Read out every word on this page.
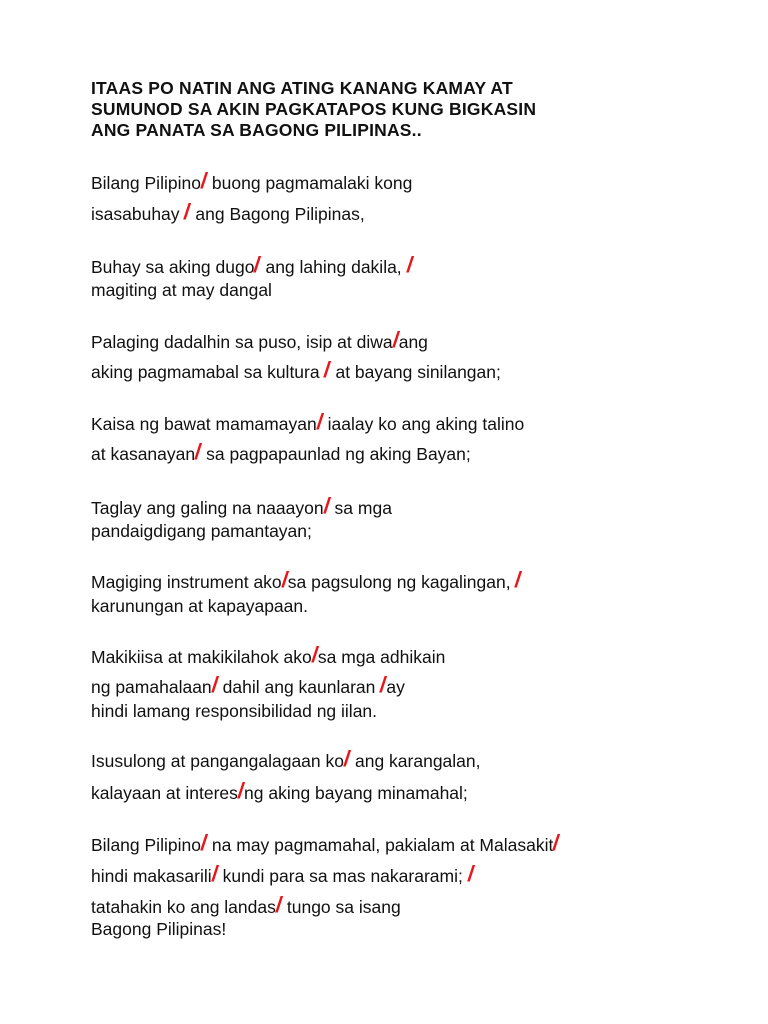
ITAAS PO NATIN ANG ATING KANANG KAMAY AT
SUMUNOD SA AKIN PAGKATAPOS KUNG BIGKASIN
ANG PANATA SA BAGONG PILIPINAS..

Bilang Pilipino/ buong pagmamalaki kong

isasabuhay / ang Bagong Pilipinas,

Buhay sa aking dugo/ ang lahing dakila, /

magiting at may dangal

Palaging dadalhin sa puso, isip at diwa/ang

aking pagmamabal sa kultura / at bayang sinilangan;

Kaisa ng bawat mamamayan/ iaalay ko ang aking talino

at kasanayan/ sa pagpapaunlad ng aking Bayan;

Taglay ang galing na naaayon/ sa mga

pandaigdigang pamantayan;

Magiging instrument ako/sa pagsulong ng kagalingan, /

karunungan at kapayapaan.

Makikiisa at makikilahok ako/sa mga adhikain

ng pamahalaan/ dahil ang kaunlaran /ay

hindi lamang responsibilidad ng iilan.

Isusulong at pangangalagaan ko/ ang karangalan,

kalayaan at interes/ng aking bayang minamahal;

Bilang Pilipino/ na may pagmamahal, pakialam at Malasakit/

hindi makasarili/ kundi para sa mas nakararami; /

tatahakin ko ang landas/ tungo sa isang

Bagong Pilipinas!
